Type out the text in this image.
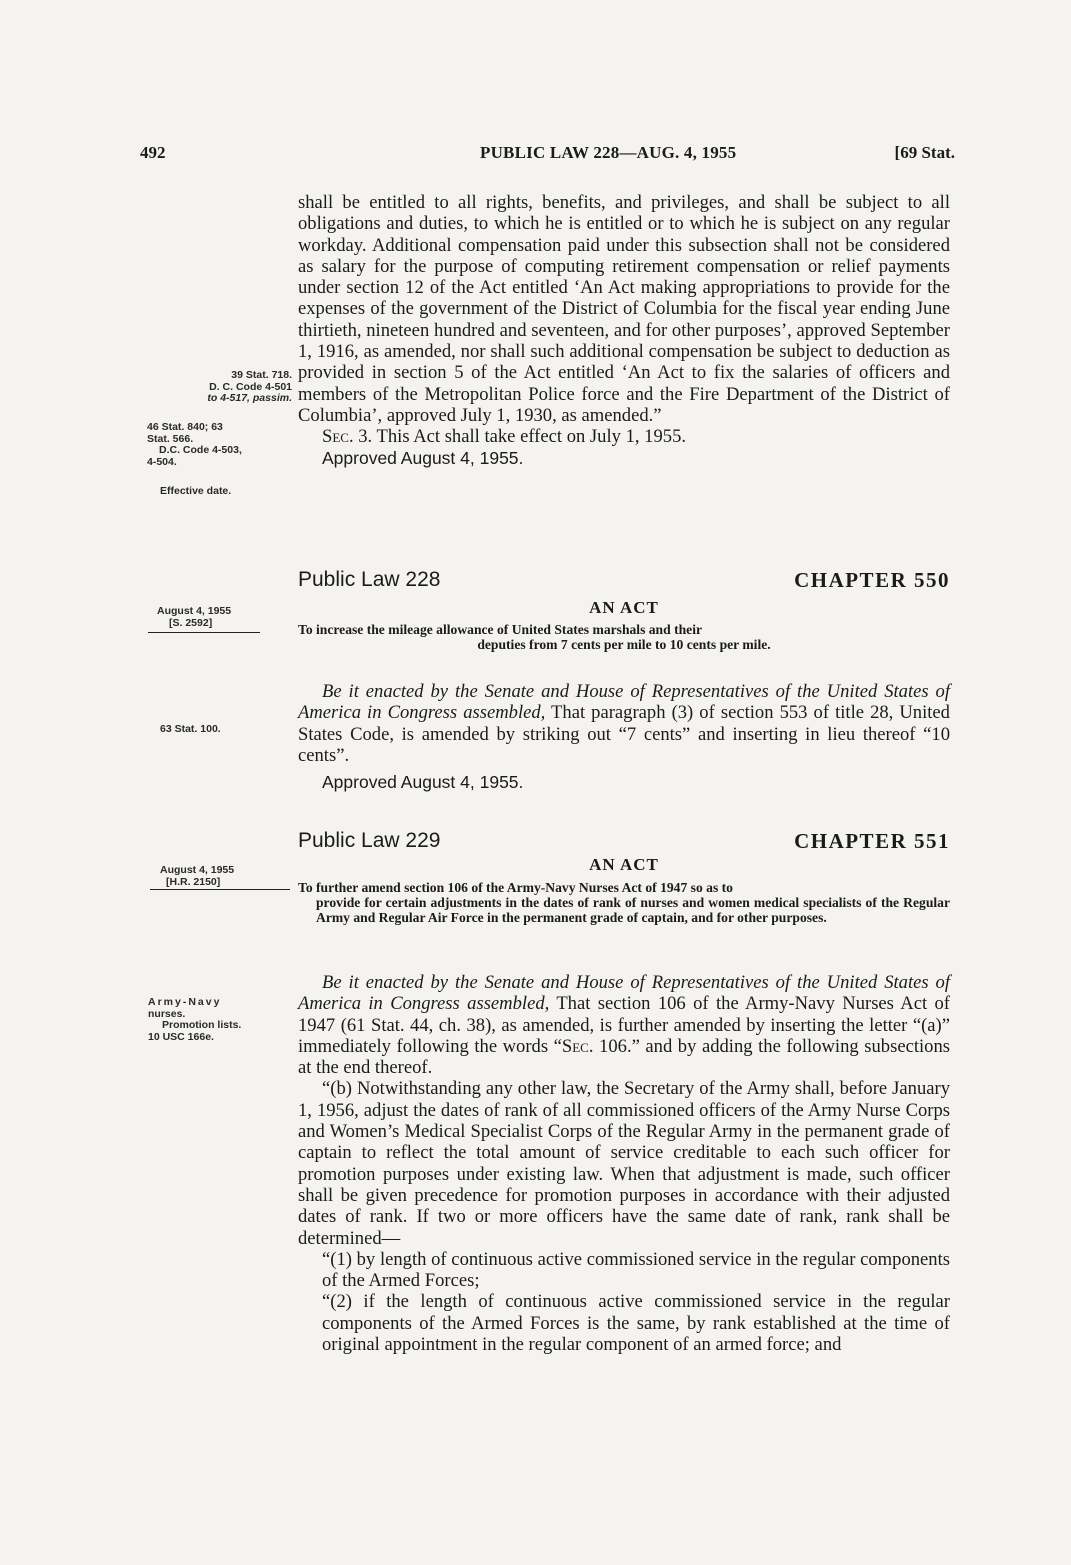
492	PUBLIC LAW 228—AUG. 4, 1955	[69 Stat.

shall be entitled to all rights, benefits, and privileges, and shall be subject to all obligations and duties, to which he is entitled or to which he is subject on any regular workday. Additional compensation paid under this subsection shall not be considered as salary for the purpose of computing retirement compensation or relief payments under section 12 of the Act entitled ‘An Act making appropriations to provide for the expenses of the government of the District of Columbia for the fiscal year ending June thirtieth, nineteen hundred and seventeen, and for other purposes’, approved September 1, 1916, as amended, nor shall such additional compensation be subject to deduction as provided in section 5 of the Act entitled ‘An Act to fix the salaries of officers and members of the Metropolitan Police force and the Fire Department of the District of Columbia’, approved July 1, 1930, as amended.”

Sec. 3. This Act shall take effect on July 1, 1955.

Approved August 4, 1955.

39 Stat. 718.
D. C. Code 4-501
to 4-517, passim.
46 Stat. 840; 63
Stat. 566.
D.C. Code 4-503,
4-504.
Effective date.
Public Law 228	CHAPTER 550
AN ACT
August 4, 1955
[S. 2592]	To increase the mileage allowance of United States marshals and their
deputies from 7 cents per mile to 10 cents per mile.

Be it enacted by the Senate and House of Representatives of the United States of America in Congress assembled, That paragraph (3) of section 553 of title 28, United States Code, is amended by striking out “7 cents” and inserting in lieu thereof “10 cents”.

Approved August 4, 1955.

63 Stat. 100.
Public Law 229	CHAPTER 551
AN ACT
August 4, 1955
[H.R. 2150]	To further amend section 106 of the Army-Navy Nurses Act of 1947 so as to
provide for certain adjustments in the dates of rank of nurses and women medical specialists of the Regular Army and Regular Air Force in the permanent grade of captain, and for other purposes.
Army-Navy
nurses.
Promotion lists.
10 USC 166e.

Be it enacted by the Senate and House of Representatives of the United States of America in Congress assembled, That section 106 of the Army-Navy Nurses Act of 1947 (61 Stat. 44, ch. 38), as amended, is further amended by inserting the letter “(a)” immediately following the words “Sec. 106.” and by adding the following subsections at the end thereof.

“(b) Notwithstanding any other law, the Secretary of the Army shall, before January 1, 1956, adjust the dates of rank of all commissioned officers of the Army Nurse Corps and Women’s Medical Specialist Corps of the Regular Army in the permanent grade of captain to reflect the total amount of service creditable to each such officer for promotion purposes under existing law. When that adjustment is made, such officer shall be given precedence for promotion purposes in accordance with their adjusted dates of rank. If two or more officers have the same date of rank, rank shall be determined—

“(1) by length of continuous active commissioned service in the regular components of the Armed Forces;

“(2) if the length of continuous active commissioned service in the regular components of the Armed Forces is the same, by rank established at the time of original appointment in the regular component of an armed force; and
